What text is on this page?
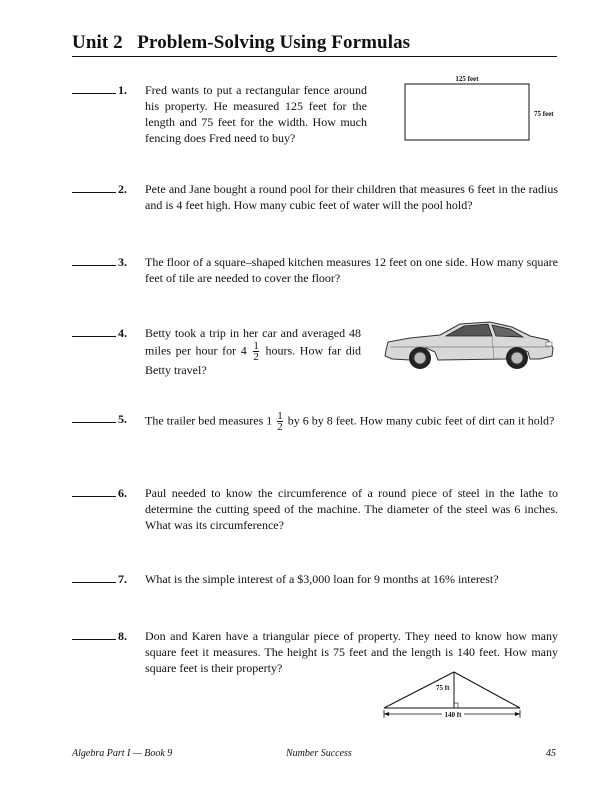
Unit 2   Problem-Solving Using Formulas
1. Fred wants to put a rectangular fence around his property. He measured 125 feet for the length and 75 feet for the width. How much fencing does Fred need to buy?
125 feet
75 feet
2. Pete and Jane bought a round pool for their children that measures 6 feet in the radius and is 4 feet high. How many cubic feet of water will the pool hold?
3. The floor of a square–shaped kitchen measures 12 feet on one side. How many square feet of tile are needed to cover the floor?
4. Betty took a trip in her car and averaged 48 miles per hour for $4 \frac{1}{2}$ hours. How far did Betty travel?
5. The trailer bed measures $1 \frac{1}{2}$ by 6 by 8 feet. How many cubic feet of dirt can it hold?
6. Paul needed to know the circumference of a round piece of steel in the lathe to determine the cutting speed of the machine. The diameter of the steel was 6 inches. What was its circumference?
7. What is the simple interest of a $3,000 loan for 9 months at 16% interest?
8. Don and Karen have a triangular piece of property. They need to know how many square feet it measures. The height is 75 feet and the length is 140 feet. How many square feet is their property?
75 ft
140 ft
Algebra Part I — Book 9	Number Success	45
